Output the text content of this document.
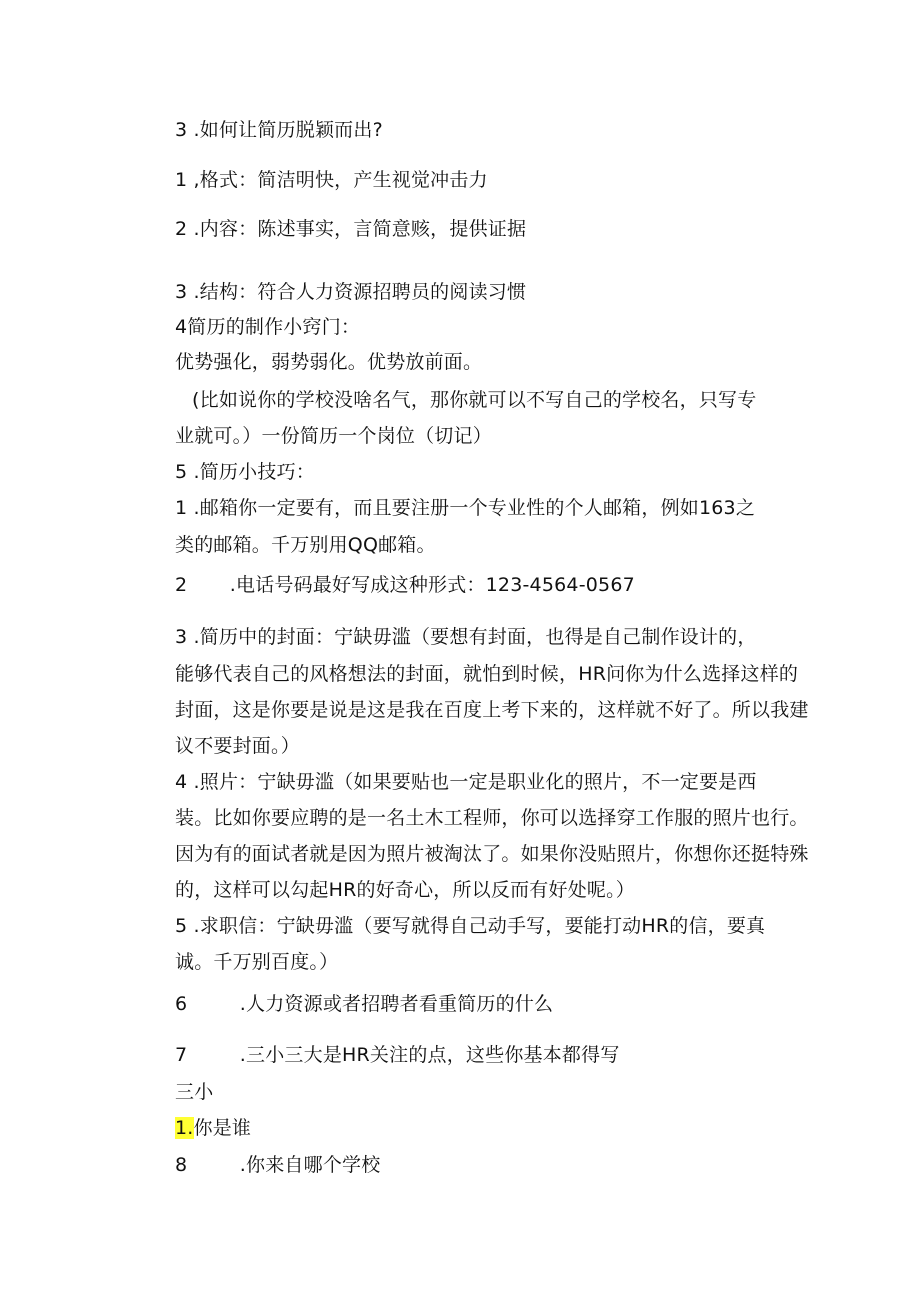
3 .如何让简历脱颖而出?
1 ,格式：简洁明快，产生视觉冲击力
2 .内容：陈述事实，言简意赅，提供证据
3 .结构：符合人力资源招聘员的阅读习惯
4简历的制作小窍门：
优势强化，弱势弱化。优势放前面。
(比如说你的学校没啥名气，那你就可以不写自己的学校名，只写专
业就可。）一份简历一个岗位（切记）
5 .简历小技巧：
1 .邮箱你一定要有，而且要注册一个专业性的个人邮箱，例如163之
类的邮箱。千万别用QQ邮箱。
2 .电话号码最好写成这种形式：123-4564-0567
3 .简历中的封面：宁缺毋滥（要想有封面，也得是自己制作设计的，
能够代表自己的风格想法的封面，就怕到时候，HR问你为什么选择这样的
封面，这是你要是说是这是我在百度上考下来的，这样就不好了。所以我建
议不要封面。）
4 .照片：宁缺毋滥（如果要贴也一定是职业化的照片，不一定要是西
装。比如你要应聘的是一名土木工程师，你可以选择穿工作服的照片也行。
因为有的面试者就是因为照片被淘汰了。如果你没贴照片，你想你还挺特殊
的，这样可以勾起HR的好奇心，所以反而有好处呢。）
5 .求职信：宁缺毋滥（要写就得自己动手写，要能打动HR的信，要真
诚。千万别百度。）
6	.人力资源或者招聘者看重简历的什么
7	.三小三大是HR关注的点，这些你基本都得写
三小
1.你是谁
8	.你来自哪个学校
